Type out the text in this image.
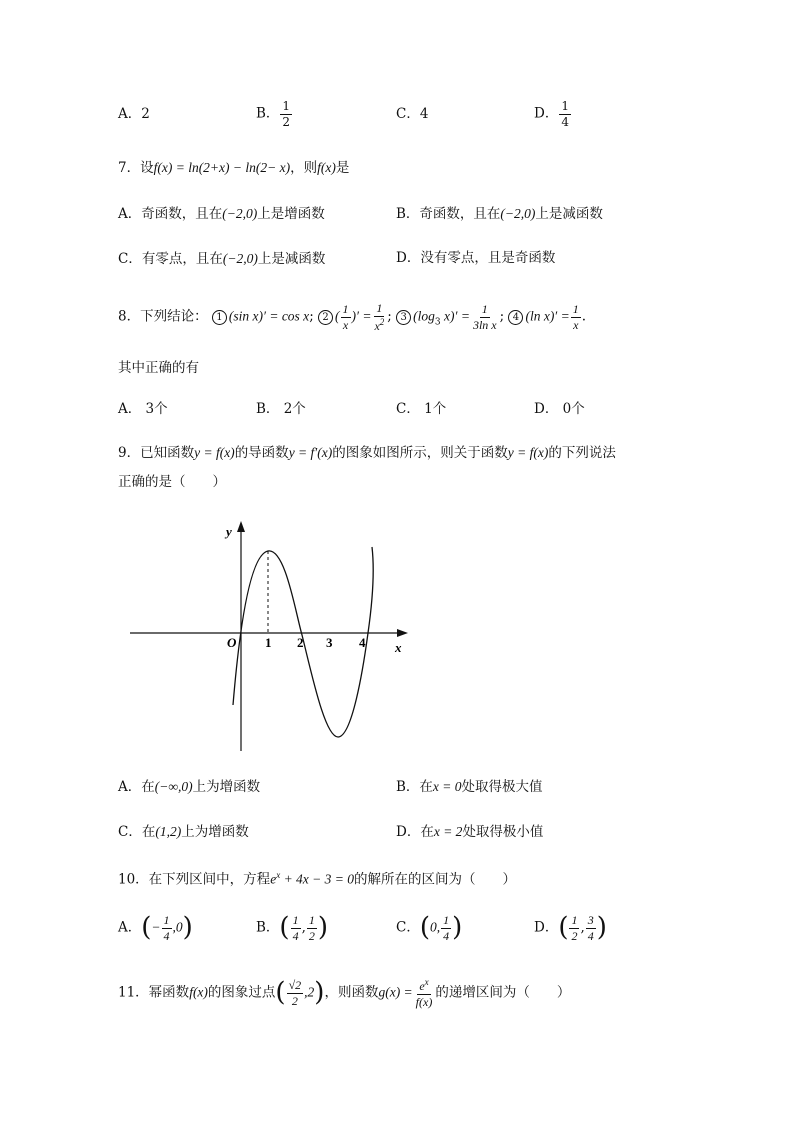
A．2	B． $\frac{1}{2}$	C．4	D． $\frac{1}{4}$
7．设f(x) = ln(2+x) − ln(2− x)，则f(x)是
A．奇函数，且在(−2,0)上是增函数	B．奇函数，且在(−2,0)上是减函数
C．有零点，且在(−2,0)上是减函数	D．没有零点，且是奇函数
8．下列结论： 1 (sin x)′ = cos x; 2 ( $\frac{1}{x}$ )′ = $\frac{1}{x^2}$ ; 3 ($\log_3$ $x)' = \frac{1}{\text{3ln x}}$ ; 4 (ln $x)' = \frac{1}{x}$ .
其中正确的有
A． 3个	B． 2个	C． 1个	D． 0个
9．已知函数y = f(x)的导函数y = f′(x)的图象如图所示，则关于函数y = f(x)的下列说法
正确的是（　　）
y
x
O 1 2 3 4
A．在(−∞,0)上为增函数	B．在x = 0处取得极大值
C．在(1,2)上为增函数	D．在x = 2处取得极小值
10．在下列区间中，方程$e^x + 4x - 3 = 0$的解所在的区间为（　　）
A．(− $\frac{1}{4} ,0$)	B．( $\frac{1}{4}$ , $\frac{1}{2}$ )	C．(0, $\frac{1}{4}$ )	D．( $\frac{1}{2}$ , $\frac{3}{4}$ )
11．幂函数f(x)的图象过点( $\frac{√2}{2} ,2$)，则函数$g(x) = \frac{e^x}{f(x)}$ 的递增区间为（　　）
